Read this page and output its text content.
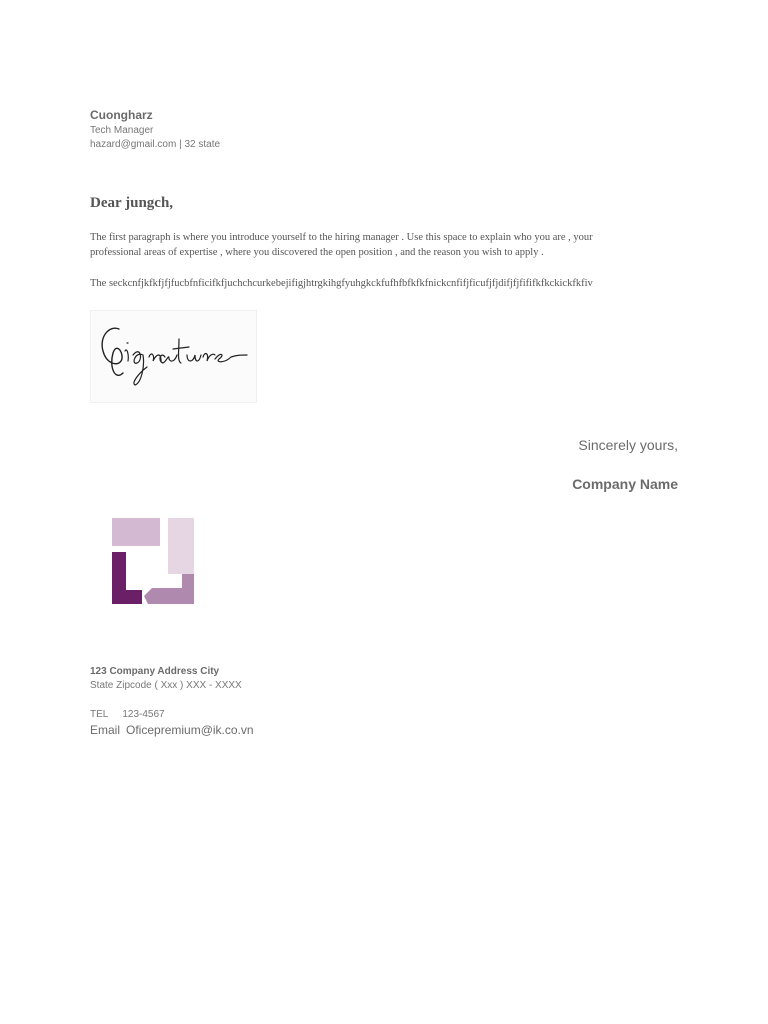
Cuongharz
Tech Manager
hazard@gmail.com | 32 state
Dear jungch,

The first paragraph is where you introduce yourself to the hiring manager . Use this space to explain who you are , your professional areas of expertise , where you discovered the open position , and the reason you wish to apply .

The seckcnfjkfkfjfjfucbfnficifkfjuchchcurkebejifigjhtrgkihgfyuhgkckfufhfbfkfkfnickcnfifjficufjfjdifjfjfififkfkckickfkfiv

Sincerely yours,
Company Name
123 Company Address City
State Zipcode ( Xxx ) XXX - XXXX
TEL 123-4567
Email Oficepremium@ik.co.vn
